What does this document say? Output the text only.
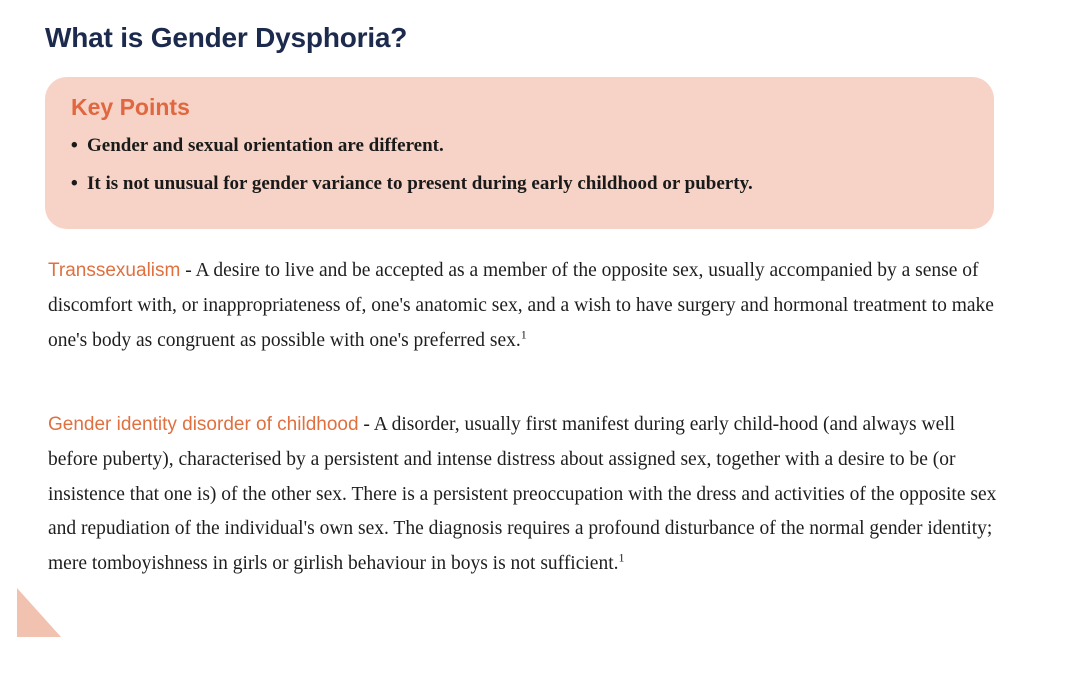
What is Gender Dysphoria?
Key Points
• Gender and sexual orientation are different.
• It is not unusual for gender variance to present during early childhood or puberty.

Transsexualism - A desire to live and be accepted as a member of the opposite sex, usually accompanied by a sense of discomfort with, or inappropriateness of, one's anatomic sex, and a wish to have surgery and hormonal treatment to make one's body as congruent as possible with one's preferred sex.$^1$

Gender identity disorder of childhood - A disorder, usually first manifest during early child-hood (and always well before puberty), characterised by a persistent and intense distress about assigned sex, together with a desire to be (or insistence that one is) of the other sex. There is a persistent preoccupation with the dress and activities of the opposite sex and repudiation of the individual's own sex. The diagnosis requires a profound disturbance of the normal gender identity; mere tomboyishness in girls or girlish behaviour in boys is not sufficient.$^1$
